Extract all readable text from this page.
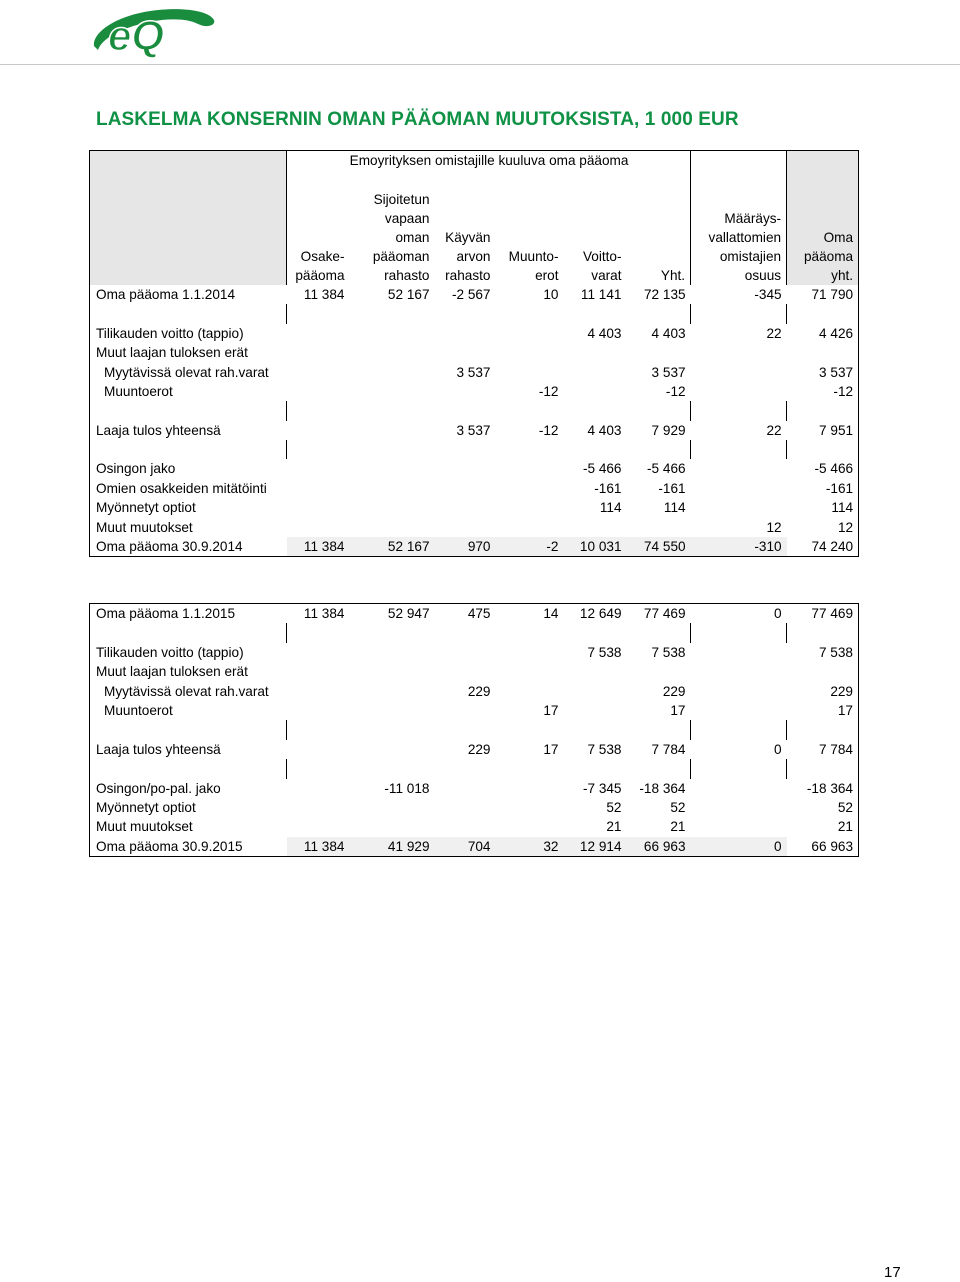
eQ
LASKELMA KONSERNIN OMAN PÄÄOMAN MUUTOKSISTA, 1 000 EUR
	Emoyrityksen omistajille kuuluva oma pääoma							

	Osake-
pääoma	Sijoitetun
vapaan
oman
pääoman
rahasto	Käyvän
arvon
rahasto	Muunto-
erot	Voitto-
varat	Yht.	Määräys-
vallattomien
omistajien
osuus	Oma
pääoma
yht.
Oma pääoma 1.1.2014	11 384	52 167	-2 567	10	11 141	72 135	-345	71 790

Tilikauden voitto (tappio)					4 403	4 403	22	4 426
Muut laajan tuloksen erät								
Myytävissä olevat rah.varat			3 537			3 537		3 537
Muuntoerot				-12		-12		-12

Laaja tulos yhteensä			3 537	-12	4 403	7 929	22	7 951

Osingon jako					-5 466	-5 466		-5 466
Omien osakkeiden mitätöinti					-161	-161		-161
Myönnetyt optiot					114	114		114
Muut muutokset							12	12
Oma pääoma 30.9.2014	11 384	52 167	970	-2	10 031	74 550	-310	74 240
Oma pääoma 1.1.2015	11 384	52 947	475	14	12 649	77 469	0	77 469

Tilikauden voitto (tappio)					7 538	7 538		7 538
Muut laajan tuloksen erät								
Myytävissä olevat rah.varat			229			229		229
Muuntoerot				17		17		17

Laaja tulos yhteensä			229	17	7 538	7 784	0	7 784

Osingon/po-pal. jako		-11 018			-7 345	-18 364		-18 364
Myönnetyt optiot					52	52		52
Muut muutokset					21	21		21
Oma pääoma 30.9.2015	11 384	41 929	704	32	12 914	66 963	0	66 963
17
